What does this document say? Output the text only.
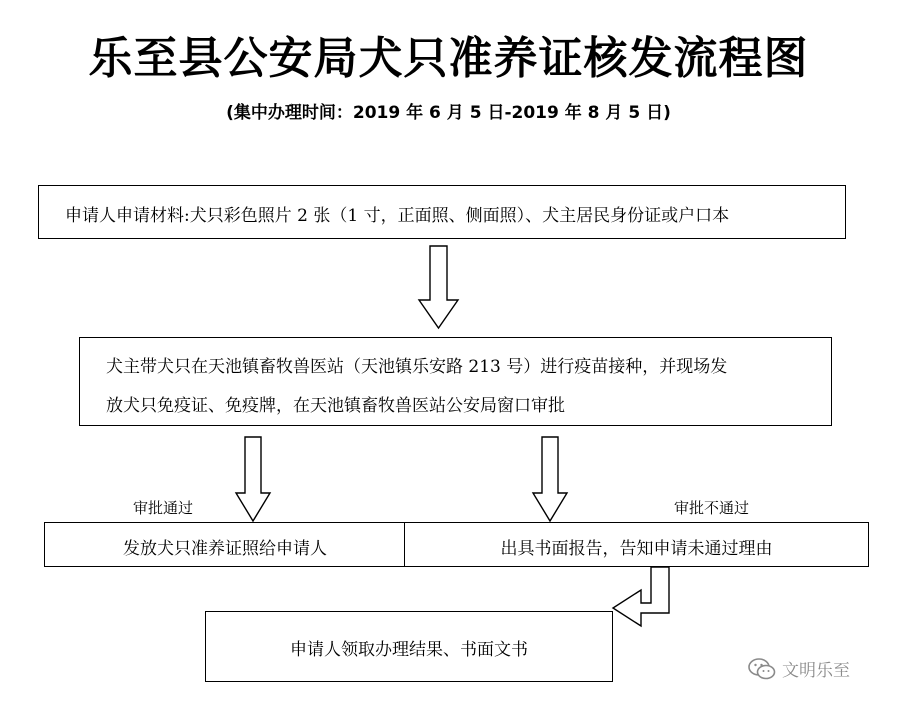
乐至县公安局犬只准养证核发流程图
(集中办理时间：2019 年 6 月 5 日-2019 年 8 月 5 日)
申请人申请材料:犬只彩色照片 2 张（1 寸，正面照、侧面照）、犬主居民身份证或户口本
犬主带犬只在天池镇畜牧兽医站（天池镇乐安路 213 号）进行疫苗接种，并现场发
放犬只免疫证、免疫牌，在天池镇畜牧兽医站公安局窗口审批
审批通过	审批不通过
发放犬只准养证照给申请人	出具书面报告，告知申请未通过理由
申请人领取办理结果、书面文书
文明乐至
